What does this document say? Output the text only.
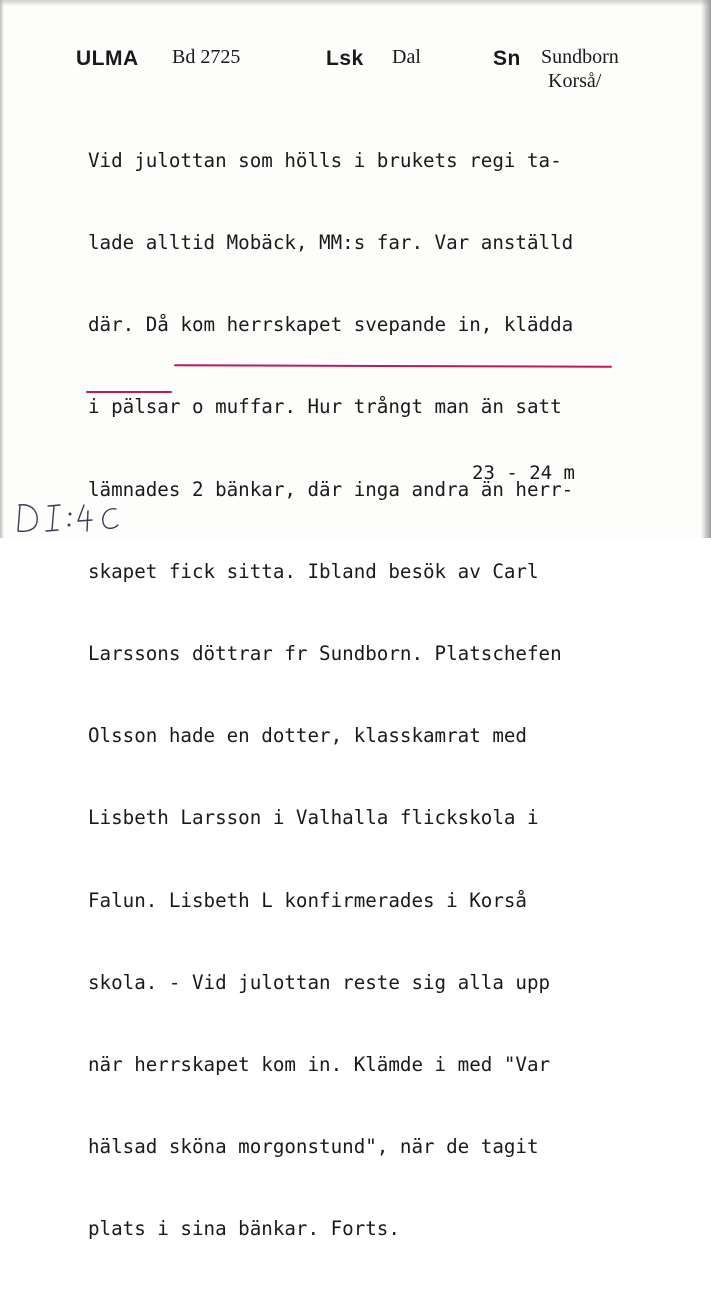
ULMA Bd 2725	Lsk Dal	Sn Sundborn
Korså/

Vid julottan som hölls i brukets regi ta-

lade alltid Mobäck, MM:s far. Var anställd

där. Då kom herrskapet svepande in, klädda

i pälsar o muffar. Hur trångt man än satt

lämnades 2 bänkar, där inga andra än herr-

skapet fick sitta. Ibland besök av Carl

Larssons döttrar fr Sundborn. Platschefen

Olsson hade en dotter, klasskamrat med

Lisbeth Larsson i Valhalla flickskola i

Falun. Lisbeth L konfirmerades i Korså

skola. - Vid julottan reste sig alla upp

när herrskapet kom in. Klämde i med "Var

hälsad sköna morgonstund", när de tagit

plats i sina bänkar. Forts.

23 - 24 m
